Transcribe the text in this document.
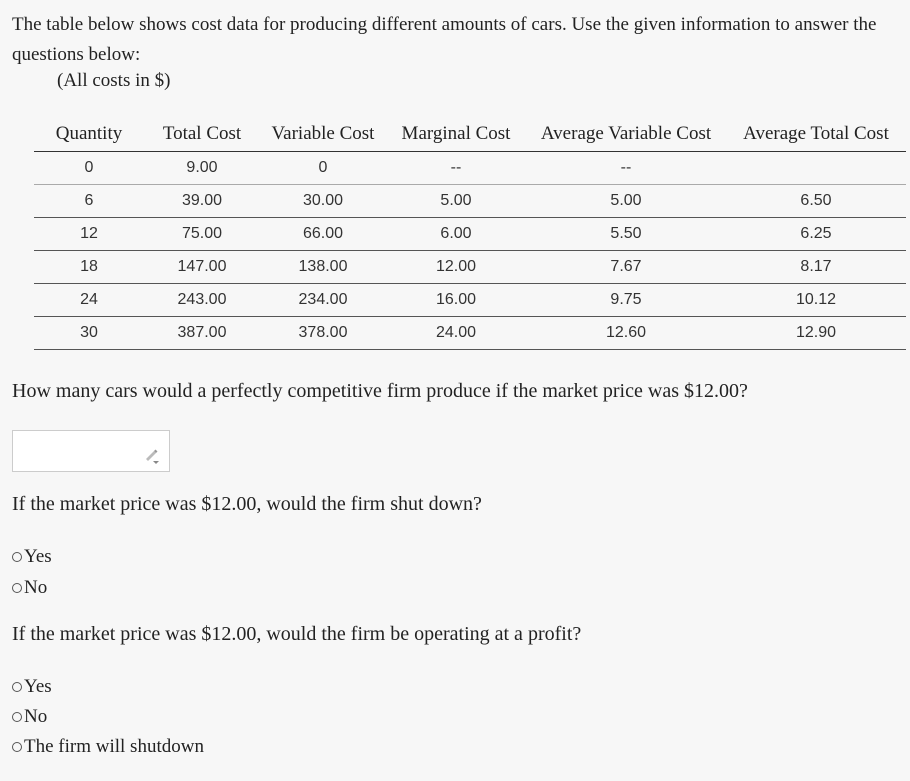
The table below shows cost data for producing different amounts of cars. Use the given information to answer the questions below:
(All costs in $)
Quantity	Total Cost	Variable Cost	Marginal Cost	Average Variable Cost	Average Total Cost
0	9.00	0	--	--	
6	39.00	30.00	5.00	5.00	6.50
12	75.00	66.00	6.00	5.50	6.25
18	147.00	138.00	12.00	7.67	8.17
24	243.00	234.00	16.00	9.75	10.12
30	387.00	378.00	24.00	12.60	12.90
How many cars would a perfectly competitive firm produce if the market price was $12.00?
If the market price was $12.00, would the firm shut down?
Yes
No
If the market price was $12.00, would the firm be operating at a profit?
Yes
No
The firm will shutdown
